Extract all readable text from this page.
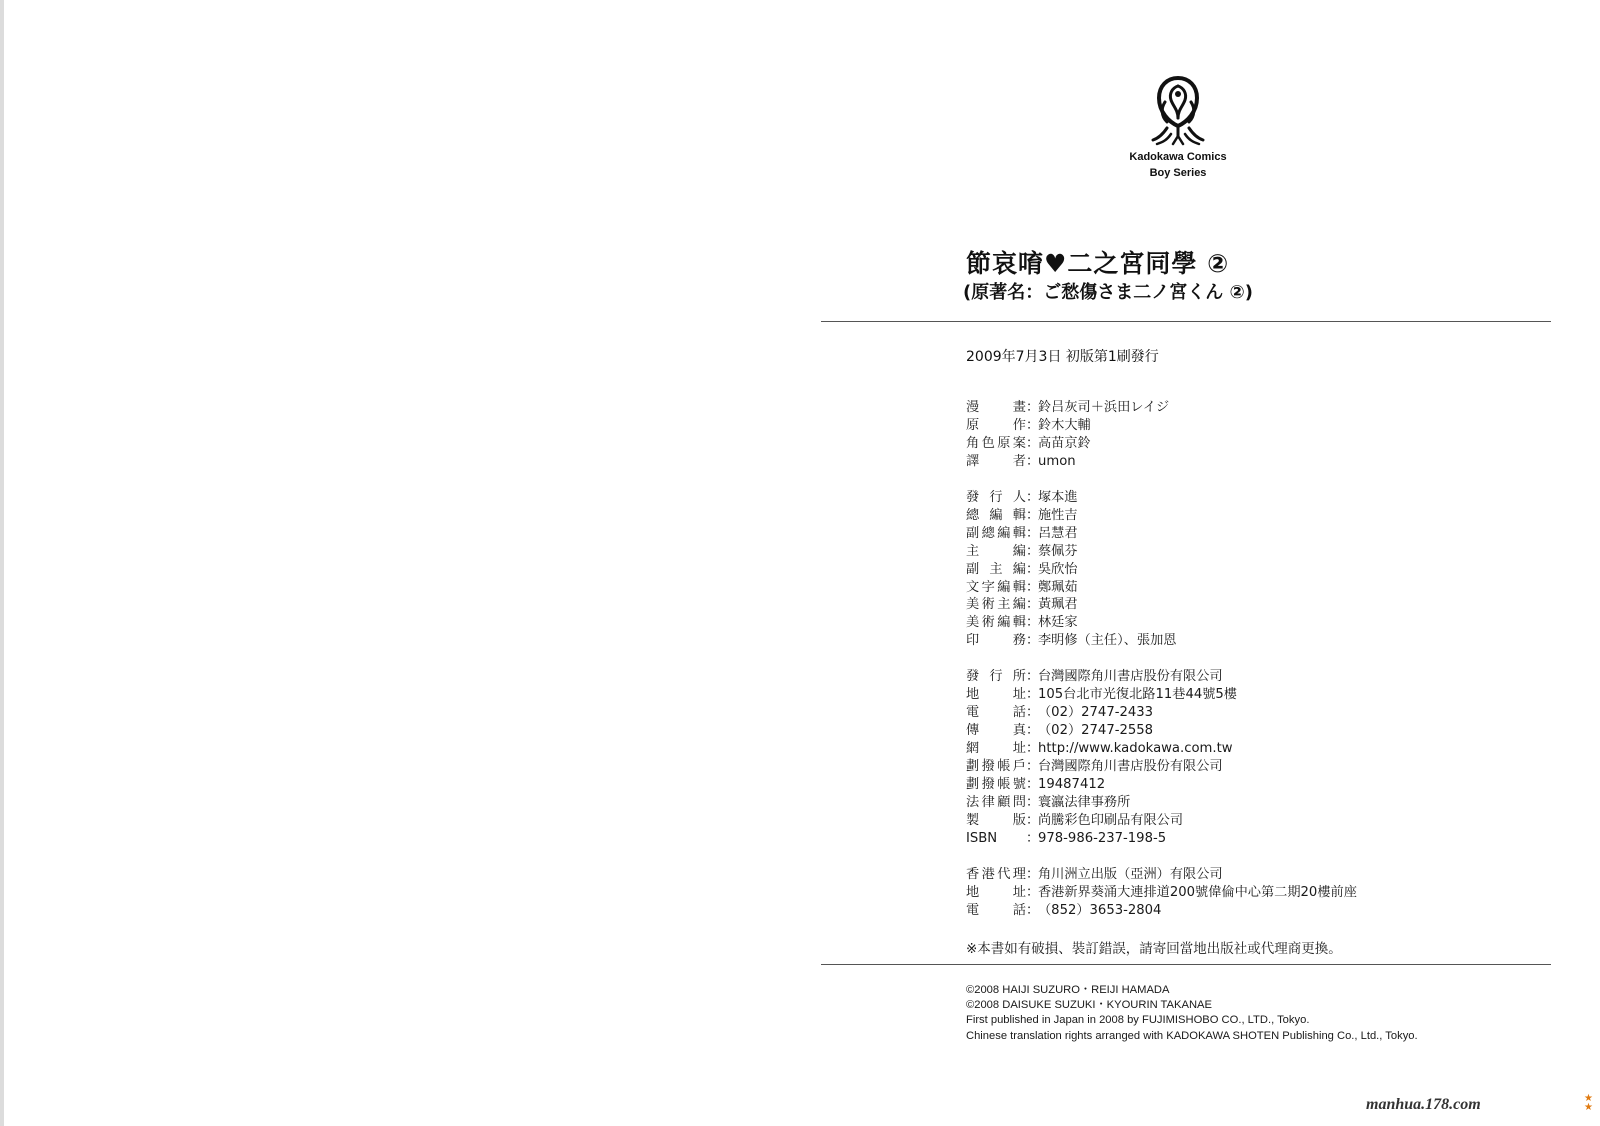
Kadokawa Comics
Boy Series
節哀唷♥二之宮同學 ②
(原著名：ご愁傷さま二ノ宮くん ②)
2009年7月3日 初版第1刷發行
漫畫 ：
鈴吕灰司＋浜田レイジ
原作 ：
鈴木大輔
角色原案 ：
高苗京鈴
譯者 ：
umon
發行人 ：
塚本進
總編輯 ：
施性吉
副總編輯 ：
呂慧君
主編 ：
蔡佩芬
副主編 ：
吳欣怡
文字編輯 ：
鄭珮茹
美術主編 ：
黃珮君
美術編輯 ：
林廷家
印務 ：
李明修（主任）、張加恩
發行所 ：
台灣國際角川書店股份有限公司
地址 ：
105台北市光復北路11巷44號5樓
電話 ：
（02）2747-2433
傳真 ：
（02）2747-2558
網址 ：
http://www.kadokawa.com.tw
劃撥帳戶 ：
台灣國際角川書店股份有限公司
劃撥帳號 ：
19487412
法律顧問 ：
寰瀛法律事務所
製版 ：
尚騰彩色印刷品有限公司
ISBN	：
978-986-237-198-5
香港代理 ：
角川洲立出版（亞洲）有限公司
地址 ：
香港新界葵涌大連排道200號偉倫中心第二期20樓前座
電話 ：
（852）3653-2804
※本書如有破損、裝訂錯誤，請寄回當地出版社或代理商更換。
©2008 HAIJI SUZURO・REIJI HAMADA
©2008 DAISUKE SUZUKI・KYOURIN TAKANAE
First published in Japan in 2008 by FUJIMISHOBO CO., LTD., Tokyo.
Chinese translation rights arranged with KADOKAWA SHOTEN Publishing Co., Ltd., Tokyo.
manhua.178.com	★
★
